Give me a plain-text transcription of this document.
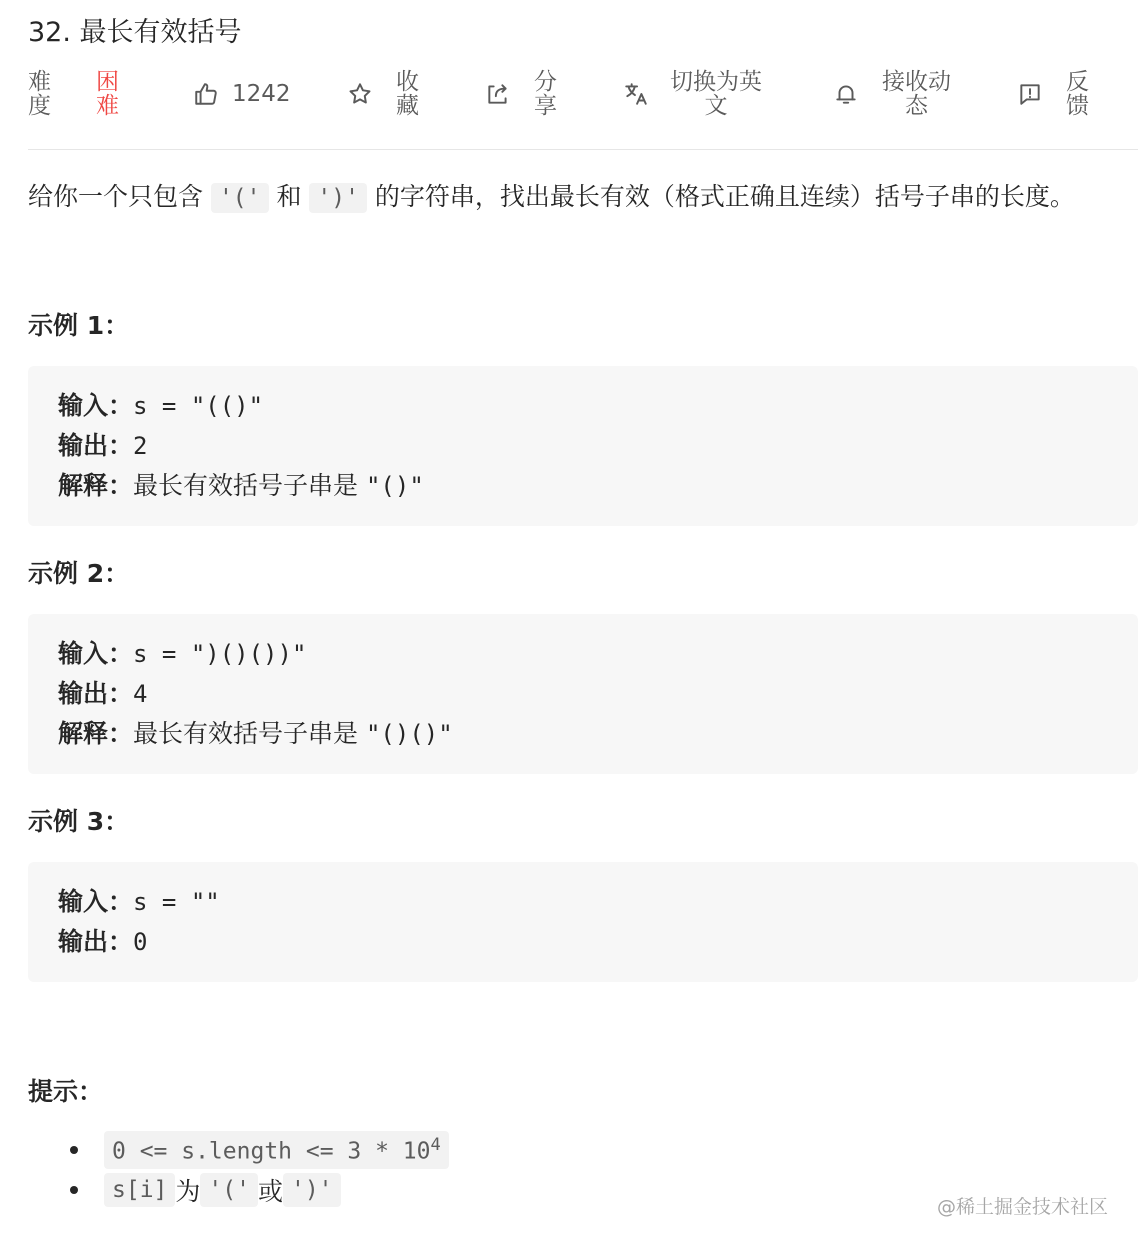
32. 最长有效括号
难
度
困
难	1242	收
藏
分
享
切换为英
文
接收动
态
反
馈
给你一个只包含 '(' 和 ')' 的字符串，找出最长有效（格式正确且连续）括号子串的长度。
示例 1：
输入：s = "(()"
输出：2
解释：最长有效括号子串是 "()"
示例 2：
输入：s = ")()())"
输出：4
解释：最长有效括号子串是 "()()"
示例 3：
输入：s = ""
输出：0
提示：
0 <= s.length <= $3 * 10^4$
s[i] 为 '(' 或 ')'
@稀土掘金技术社区
